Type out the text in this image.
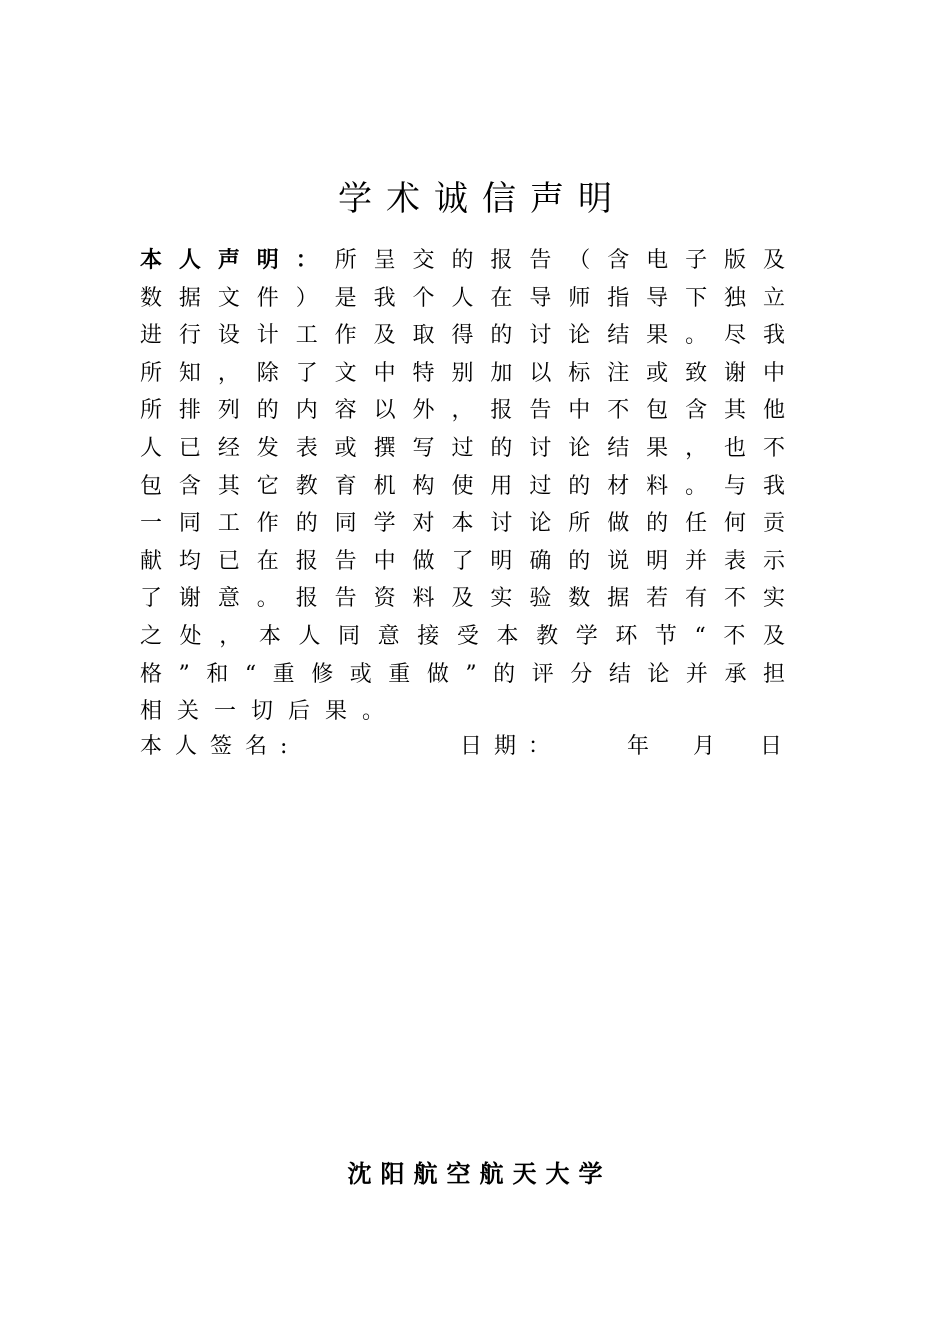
学术诚信声明

本人声明：所呈交的报告（含电子版及数据文件）是我个人在导师指导下独立进行设计工作及取得的讨论结果。尽我所知，除了文中特别加以标注或致谢中所排列的内容以外，报告中不包含其他人已经发表或撰写过的讨论结果，也不包含其它教育机构使用过的材料。与我一同工作的同学对本讨论所做的任何贡献均已在报告中做了明确的说明并表示了谢意。报告资料及实验数据若有不实之处，本人同意接受本教学环节“不及格”和“重修或重做”的评分结论并承担相关一切后果。

本人签名:	日期：	年 月 日
沈阳航空航天大学
